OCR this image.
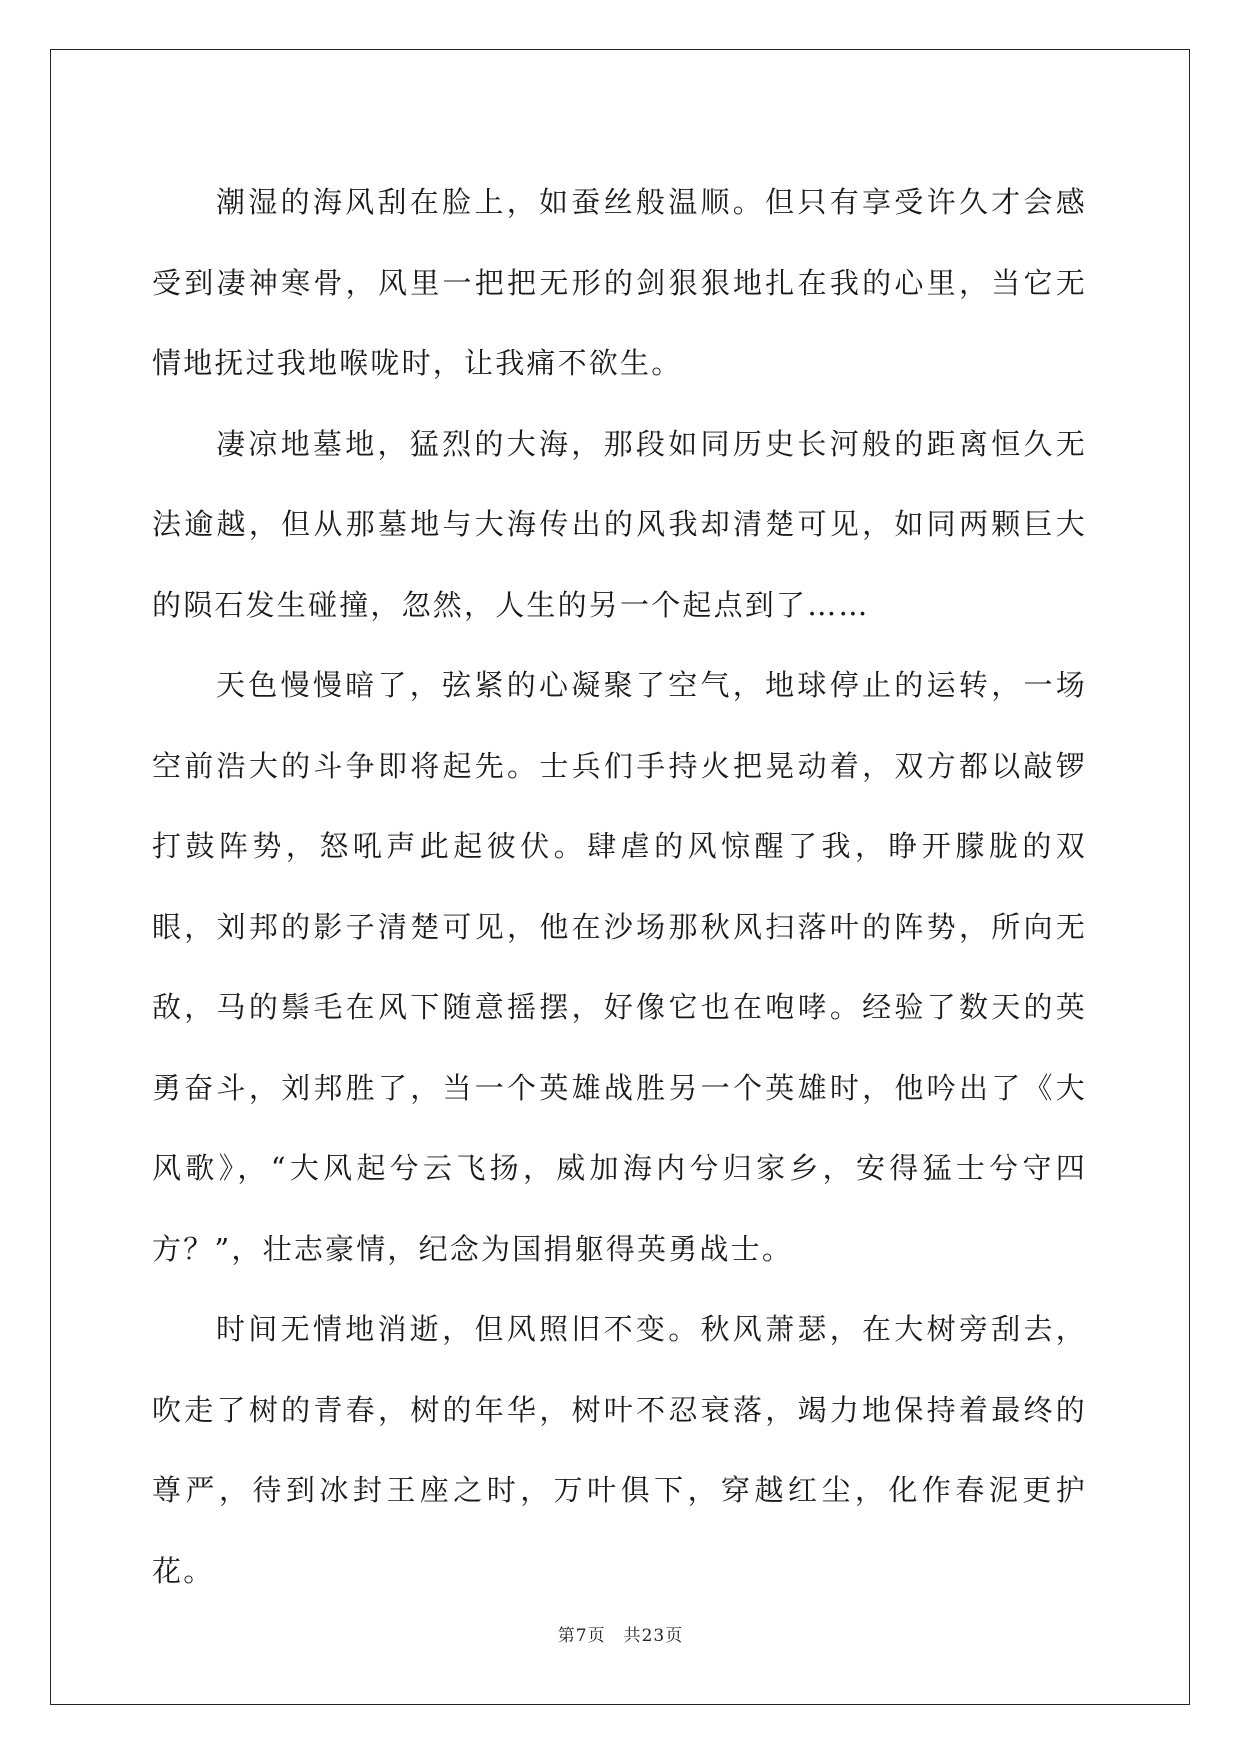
潮湿的海风刮在脸上，如蚕丝般温顺。但只有享受许久才会感受到凄神寒骨，风里一把把无形的剑狠狠地扎在我的心里，当它无情地抚过我地喉咙时，让我痛不欲生。

凄凉地墓地，猛烈的大海，那段如同历史长河般的距离恒久无法逾越，但从那墓地与大海传出的风我却清楚可见，如同两颗巨大的陨石发生碰撞，忽然，人生的另一个起点到了……

天色慢慢暗了，弦紧的心凝聚了空气，地球停止的运转，一场空前浩大的斗争即将起先。士兵们手持火把晃动着，双方都以敲锣打鼓阵势，怒吼声此起彼伏。肆虐的风惊醒了我，睁开朦胧的双眼，刘邦的影子清楚可见，他在沙场那秋风扫落叶的阵势，所向无敌，马的鬃毛在风下随意摇摆，好像它也在咆哮。经验了数天的英勇奋斗，刘邦胜了，当一个英雄战胜另一个英雄时，他吟出了《大风歌》，“大风起兮云飞扬，威加海内兮归家乡，安得猛士兮守四方？”，壮志豪情，纪念为国捐躯得英勇战士。

时间无情地消逝，但风照旧不变。秋风萧瑟，在大树旁刮去，吹走了树的青春，树的年华，树叶不忍衰落，竭力地保持着最终的尊严，待到冰封王座之时，万叶俱下，穿越红尘，化作春泥更护花。

第7页　共23页
